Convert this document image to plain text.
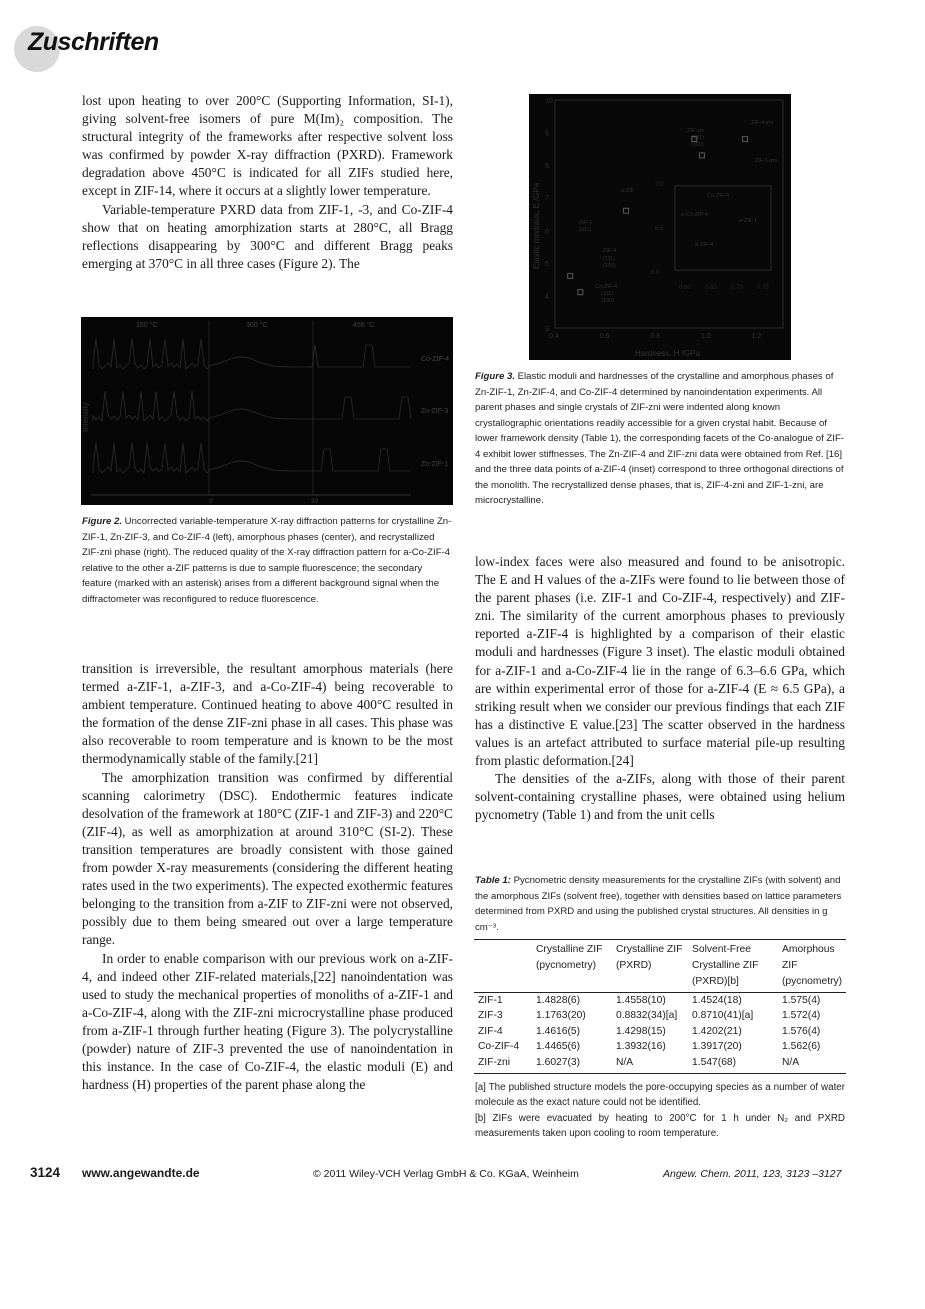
Zuschriften

lost upon heating to over 200°C (Supporting Information, SI-1), giving solvent-free isomers of pure M(Im)₂ composition. The structural integrity of the frameworks after respective solvent loss was confirmed by powder X-ray diffraction (PXRD). Framework degradation above 450°C is indicated for all ZIFs studied here, except in ZIF-14, where it occurs at a slightly lower temperature.

Variable-temperature PXRD data from ZIF-1, -3, and Co-ZIF-4 show that on heating amorphization starts at 280°C, all Bragg reflections disappearing by 300°C and different Bragg peaks emerging at 370°C in all three cases (Figure 2). The

150 °C	300 °C	450 °C
Intensity
Co-ZIF-4
Zn-ZIF-3
Zn-ZIF-1
0	30
Figure 2. Uncorrected variable-temperature X-ray diffraction patterns for crystalline Zn-ZIF-1, Zn-ZIF-3, and Co-ZIF-4 (left), amorphous phases (center), and recrystallized ZIF-zni phase (right). The reduced quality of the X-ray diffraction pattern for a-Co-ZIF-4 relative to the other a-ZIF patterns is due to sample fluorescence; the secondary feature (marked with an asterisk) arises from a different background signal when the diffractometer was reconfigured to reduce fluorescence.

transition is irreversible, the resultant amorphous materials (here termed a-ZIF-1, a-ZIF-3, and a-Co-ZIF-4) being recoverable to ambient temperature. Continued heating to above 400°C resulted in the formation of the dense ZIF-zni phase in all cases. This phase was also recoverable to room temperature and is known to be the most thermodynamically stable of the family.[21]

The amorphization transition was confirmed by differential scanning calorimetry (DSC). Endothermic features indicate desolvation of the framework at 180°C (ZIF-1 and ZIF-3) and 220°C (ZIF-4), as well as amorphization at around 310°C (SI-2). These transition temperatures are broadly consistent with those gained from powder X-ray measurements (considering the different heating rates used in the two experiments). The expected exothermic features belonging to the transition from a-ZIF to ZIF-zni were not observed, possibly due to them being smeared out over a large temperature range.

In order to enable comparison with our previous work on a-ZIF-4, and indeed other ZIF-related materials,[22] nanoindentation was used to study the mechanical properties of monoliths of a-ZIF-1 and a-Co-ZIF-4, along with the ZIF-zni microcrystalline phase produced from a-ZIF-1 through further heating (Figure 3). The polycrystalline (powder) nature of ZIF-3 prevented the use of nanoindentation in this instance. In the case of Co-ZIF-4, the elastic moduli (E) and hardness (H) properties of the parent phase along the

3
4
5
6
7
8
9
10
0.4	0.6	0.8	1.0	1.2
Hardness, H /GPa
Elastic modulus, E /GPa
6.0
6.5
7.0
0.60 0.65 0.70 0.75
ZIF-4-zni
ZIF-zni
(001)
(100)
ZIF-1-zni
a-ZIF
Co-ZIF-4
a-ZIF-1
a-Co-ZIF-4
ZIF-1
(011)
ZIF-4
(111)
(100)
Co-ZIF-4
(111)
(100)
a-ZIF-4
Figure 3. Elastic moduli and hardnesses of the crystalline and amorphous phases of Zn-ZIF-1, Zn-ZIF-4, and Co-ZIF-4 determined by nanoindentation experiments. All parent phases and single crystals of ZIF-zni were indented along known crystallographic orientations readily accessible for a given crystal habit. Because of lower framework density (Table 1), the corresponding facets of the Co-analogue of ZIF-4 exhibit lower stiffnesses. The Zn-ZIF-4 and ZIF-zni data were obtained from Ref. [16] and the three data points of a-ZIF-4 (inset) correspond to three orthogonal directions of the monolith. The recrystallized dense phases, that is, ZIF-4-zni and ZIF-1-zni, are microcrystalline.

low-index faces were also measured and found to be anisotropic. The E and H values of the a-ZIFs were found to lie between those of the parent phases (i.e. ZIF-1 and Co-ZIF-4, respectively) and ZIF-zni. The similarity of the current amorphous phases to previously reported a-ZIF-4 is highlighted by a comparison of their elastic moduli and hardnesses (Figure 3 inset). The elastic moduli obtained for a-ZIF-1 and a-Co-ZIF-4 lie in the range of 6.3–6.6 GPa, which are within experimental error of those for a-ZIF-4 (E ≈ 6.5 GPa), a striking result when we consider our previous findings that each ZIF has a distinctive E value.[23] The scatter observed in the hardness values is an artefact attributed to surface material pile-up resulting from plastic deformation.[24]

The densities of the a-ZIFs, along with those of their parent solvent-containing crystalline phases, were obtained using helium pycnometry (Table 1) and from the unit cells

Table 1: Pycnometric density measurements for the crystalline ZIFs (with solvent) and the amorphous ZIFs (solvent free), together with densities based on lattice parameters determined from PXRD and using the published crystal structures. All densities in g cm⁻³.
	Crystalline ZIF (pycnometry)	Crystalline ZIF (PXRD)	Solvent-Free Crystalline ZIF (PXRD)[b]	Amorphous ZIF (pycnometry)
ZIF-1	1.4828(6)	1.4558(10)	1.4524(18)	1.575(4)
ZIF-3	1.1763(20)	0.8832(34)[a]	0.8710(41)[a]	1.572(4)
ZIF-4	1.4616(5)	1.4298(15)	1.4202(21)	1.576(4)
Co-ZIF-4	1.4465(6)	1.3932(16)	1.3917(20)	1.562(6)
ZIF-zni	1.6027(3)	N/A	1.547(68)	N/A

[a] The published structure models the pore-occupying species as a number of water molecule as the exact nature could not be identified.

[b] ZIFs were evacuated by heating to 200°C for 1 h under N₂ and PXRD measurements taken upon cooling to room temperature.

3124 www.angewandte.de	© 2011 Wiley-VCH Verlag GmbH & Co. KGaA, Weinheim	Angew. Chem. 2011, 123, 3123 –3127
